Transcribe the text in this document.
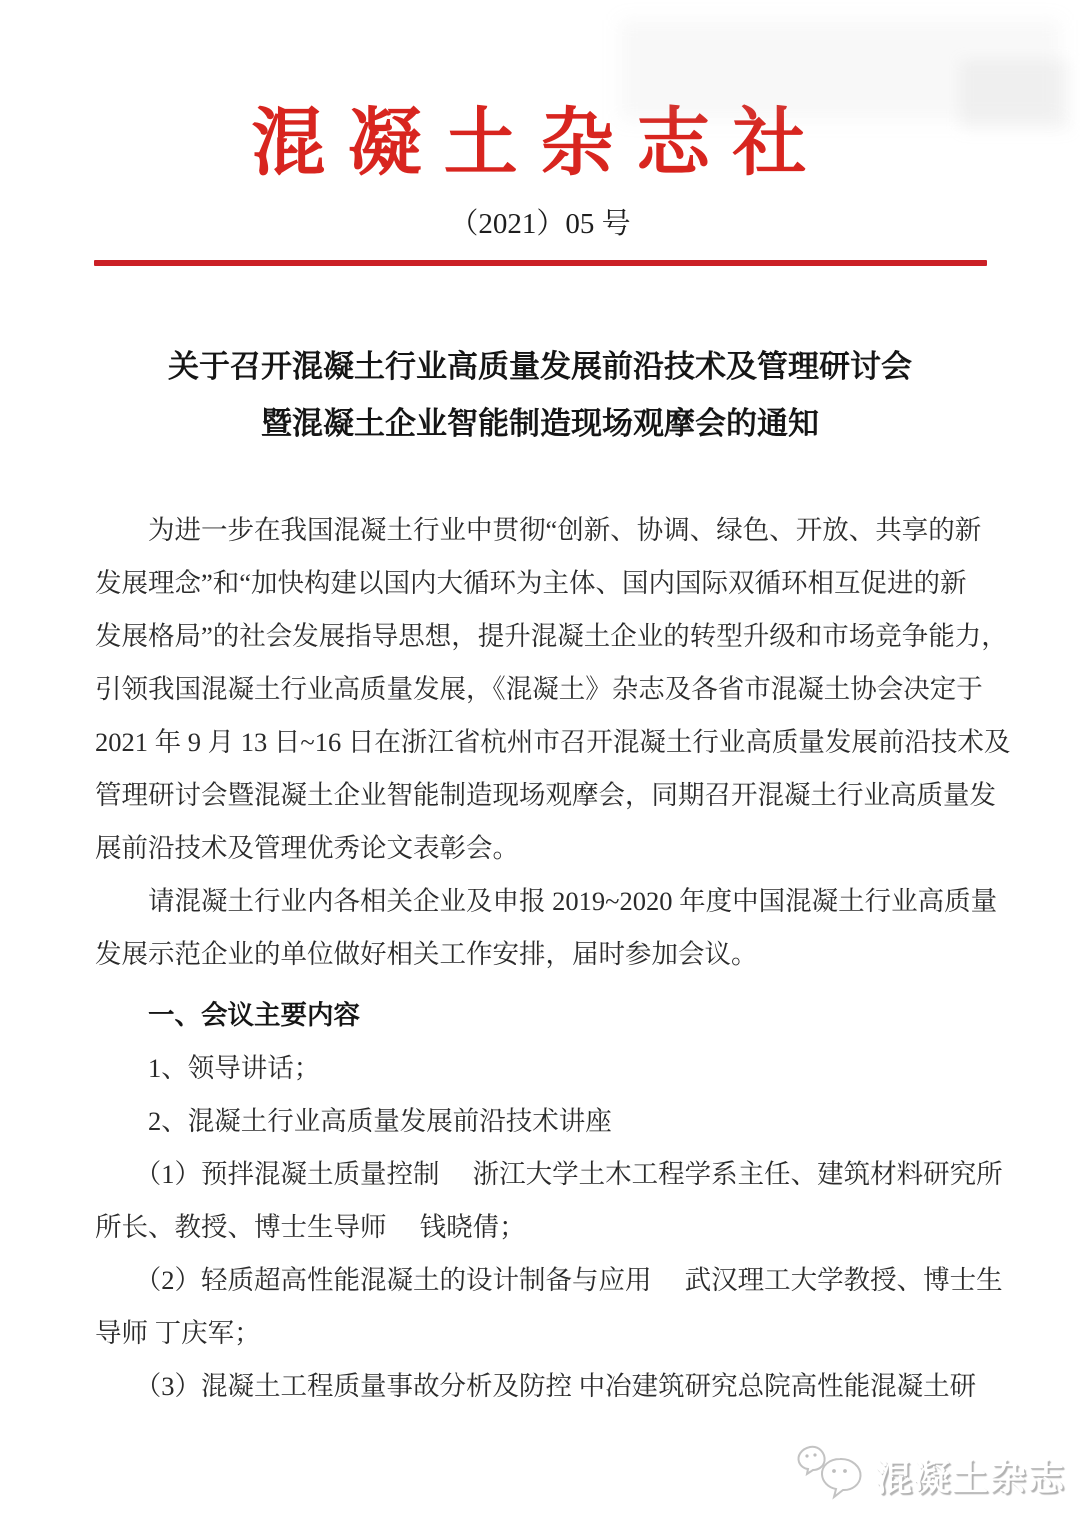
混凝土杂志社
（2021）05 号
关于召开混凝土行业高质量发展前沿技术及管理研讨会
暨混凝土企业智能制造现场观摩会的通知
为进一步在我国混凝土行业中贯彻“创新、协调、绿色、开放、共享的新
发展理念”和“加快构建以国内大循环为主体、国内国际双循环相互促进的新
发展格局”的社会发展指导思想，提升混凝土企业的转型升级和市场竞争能力，
引领我国混凝土行业高质量发展，《混凝土》杂志及各省市混凝土协会决定于
2021 年 9 月 13 日~16 日在浙江省杭州市召开混凝土行业高质量发展前沿技术及
管理研讨会暨混凝土企业智能制造现场观摩会，同期召开混凝土行业高质量发
展前沿技术及管理优秀论文表彰会。
请混凝土行业内各相关企业及申报 2019~2020 年度中国混凝土行业高质量
发展示范企业的单位做好相关工作安排，届时参加会议。
一、会议主要内容
1、领导讲话；
2、混凝土行业高质量发展前沿技术讲座
（1）预拌混凝土质量控制　 浙江大学土木工程学系主任、建筑材料研究所
所长、教授、博士生导师　 钱晓倩；
（2）轻质超高性能混凝土的设计制备与应用　 武汉理工大学教授、博士生
导师 丁庆军；
（3）混凝土工程质量事故分析及防控 中冶建筑研究总院高性能混凝土研
混凝土杂志
